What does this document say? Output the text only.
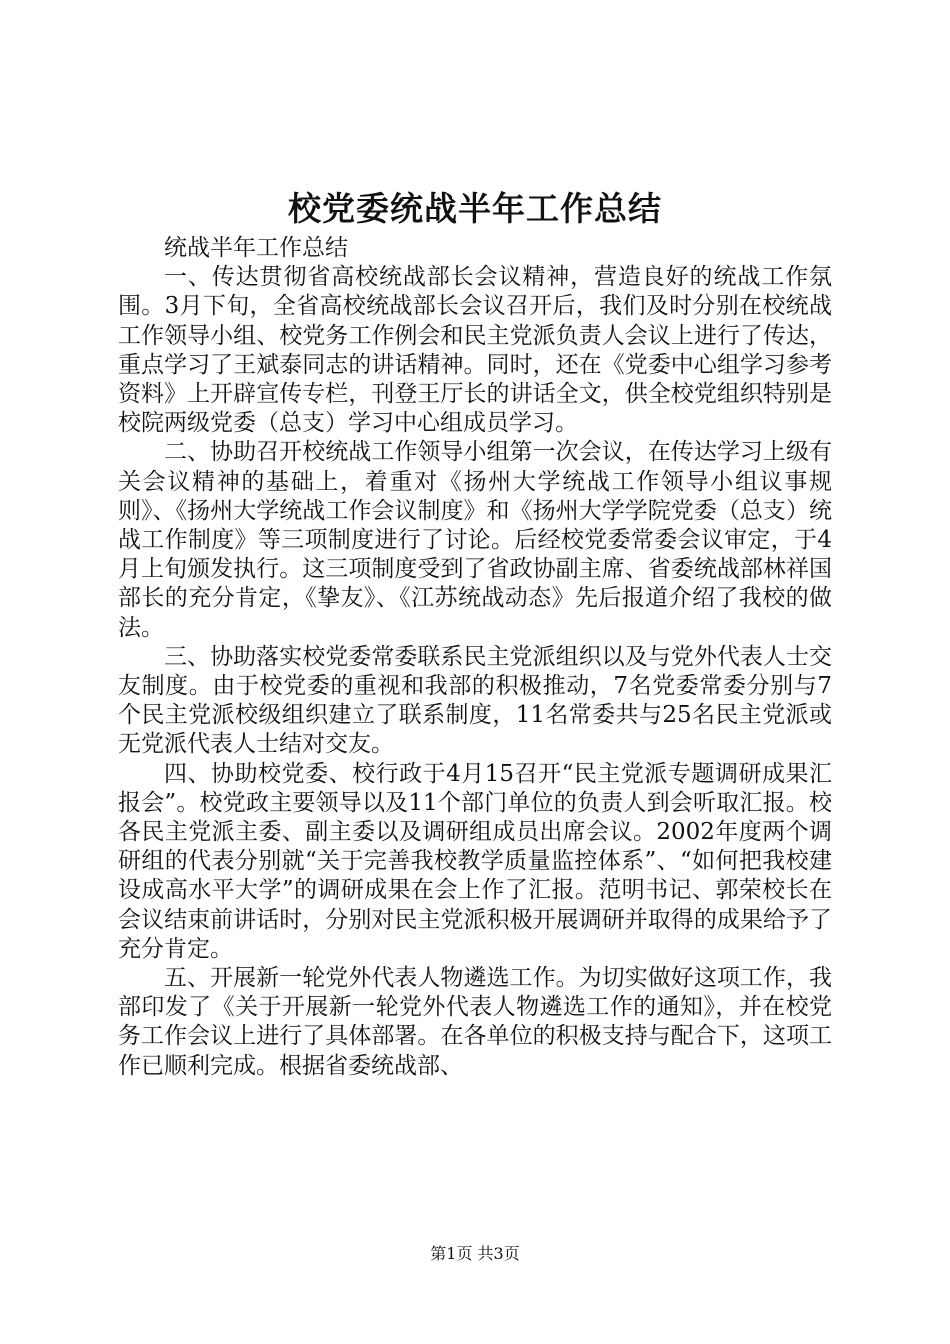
校党委统战半年工作总结

统战半年工作总结

一、传达贯彻省高校统战部长会议精神，营造良好的统战工作氛围。3月下旬，全省高校统战部长会议召开后，我们及时分别在校统战工作领导小组、校党务工作例会和民主党派负责人会议上进行了传达，重点学习了王斌泰同志的讲话精神。同时，还在《党委中心组学习参考资料》上开辟宣传专栏，刊登王厅长的讲话全文，供全校党组织特别是校院两级党委（总支）学习中心组成员学习。

二、协助召开校统战工作领导小组第一次会议，在传达学习上级有关会议精神的基础上，着重对《扬州大学统战工作领导小组议事规则》、《扬州大学统战工作会议制度》和《扬州大学学院党委（总支）统战工作制度》等三项制度进行了讨论。后经校党委常委会议审定，于4月上旬颁发执行。这三项制度受到了省政协副主席、省委统战部林祥国部长的充分肯定，《挚友》、《江苏统战动态》先后报道介绍了我校的做法。

三、协助落实校党委常委联系民主党派组织以及与党外代表人士交友制度。由于校党委的重视和我部的积极推动，7名党委常委分别与7个民主党派校级组织建立了联系制度，11名常委共与25名民主党派或无党派代表人士结对交友。

四、协助校党委、校行政于4月15召开“民主党派专题调研成果汇报会”。校党政主要领导以及11个部门单位的负责人到会听取汇报。校各民主党派主委、副主委以及调研组成员出席会议。2002年度两个调研组的代表分别就“关于完善我校教学质量监控体系”、“如何把我校建设成高水平大学”的调研成果在会上作了汇报。范明书记、郭荣校长在会议结束前讲话时，分别对民主党派积极开展调研并取得的成果给予了充分肯定。

五、开展新一轮党外代表人物遴选工作。为切实做好这项工作，我部印发了《关于开展新一轮党外代表人物遴选工作的通知》，并在校党务工作会议上进行了具体部署。在各单位的积极支持与配合下，这项工作已顺利完成。根据省委统战部、

第1页 共3页
